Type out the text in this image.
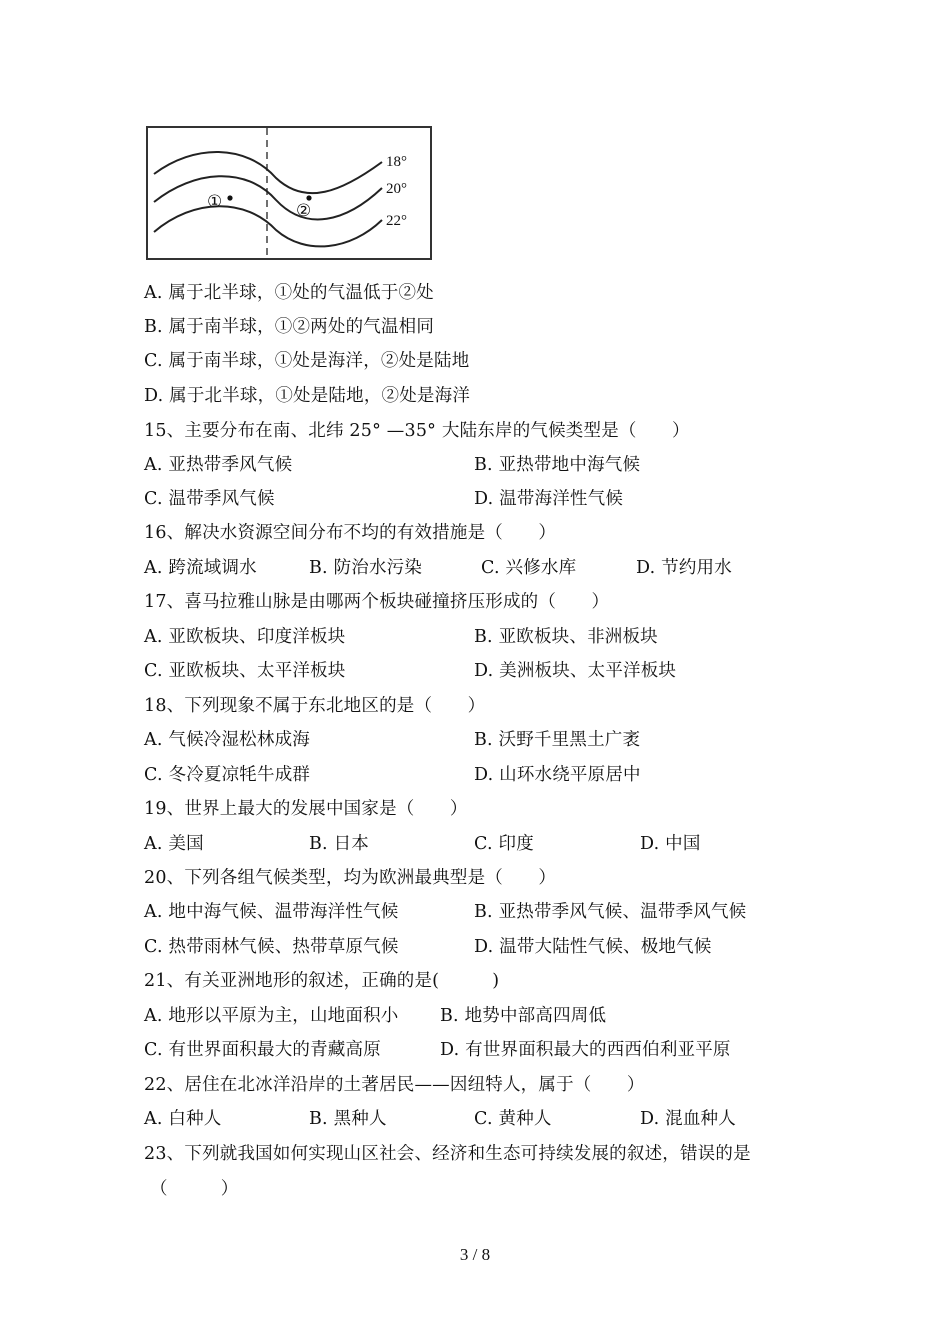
18°
20°
22°
①	②
A. 属于北半球，①处的气温低于②处
B. 属于南半球，①②两处的气温相同
C. 属于南半球，①处是海洋，②处是陆地
D. 属于北半球，①处是陆地，②处是海洋
15、主要分布在南、北纬 25° —35° 大陆东岸的气候类型是（　　）
A. 亚热带季风气候	B. 亚热带地中海气候
C. 温带季风气候	D. 温带海洋性气候
16、解决水资源空间分布不均的有效措施是（　　）
A. 跨流域调水	B. 防治水污染	C. 兴修水库	D. 节约用水
17、喜马拉雅山脉是由哪两个板块碰撞挤压形成的（　　）
A. 亚欧板块、印度洋板块	B. 亚欧板块、非洲板块
C. 亚欧板块、太平洋板块	D. 美洲板块、太平洋板块
18、下列现象不属于东北地区的是（　　）
A. 气候冷湿松林成海	B. 沃野千里黑土广袤
C. 冬冷夏凉牦牛成群	D. 山环水绕平原居中
19、世界上最大的发展中国家是（　　）
A. 美国	B. 日本	C. 印度	D. 中国
20、下列各组气候类型，均为欧洲最典型是（　　）
A. 地中海气候、温带海洋性气候	B. 亚热带季风气候、温带季风气候
C. 热带雨林气候、热带草原气候	D. 温带大陆性气候、极地气候
21、有关亚洲地形的叙述，正确的是(　　　)
A. 地形以平原为主，山地面积小 B. 地势中部高四周低
C. 有世界面积最大的青藏高原	D. 有世界面积最大的西西伯利亚平原
22、居住在北冰洋沿岸的土著居民——因纽特人，属于（　　）
A. 白种人	B. 黑种人	C. 黄种人	D. 混血种人
23、下列就我国如何实现山区社会、经济和生态可持续发展的叙述，错误的是
（　　　）
3 / 8
